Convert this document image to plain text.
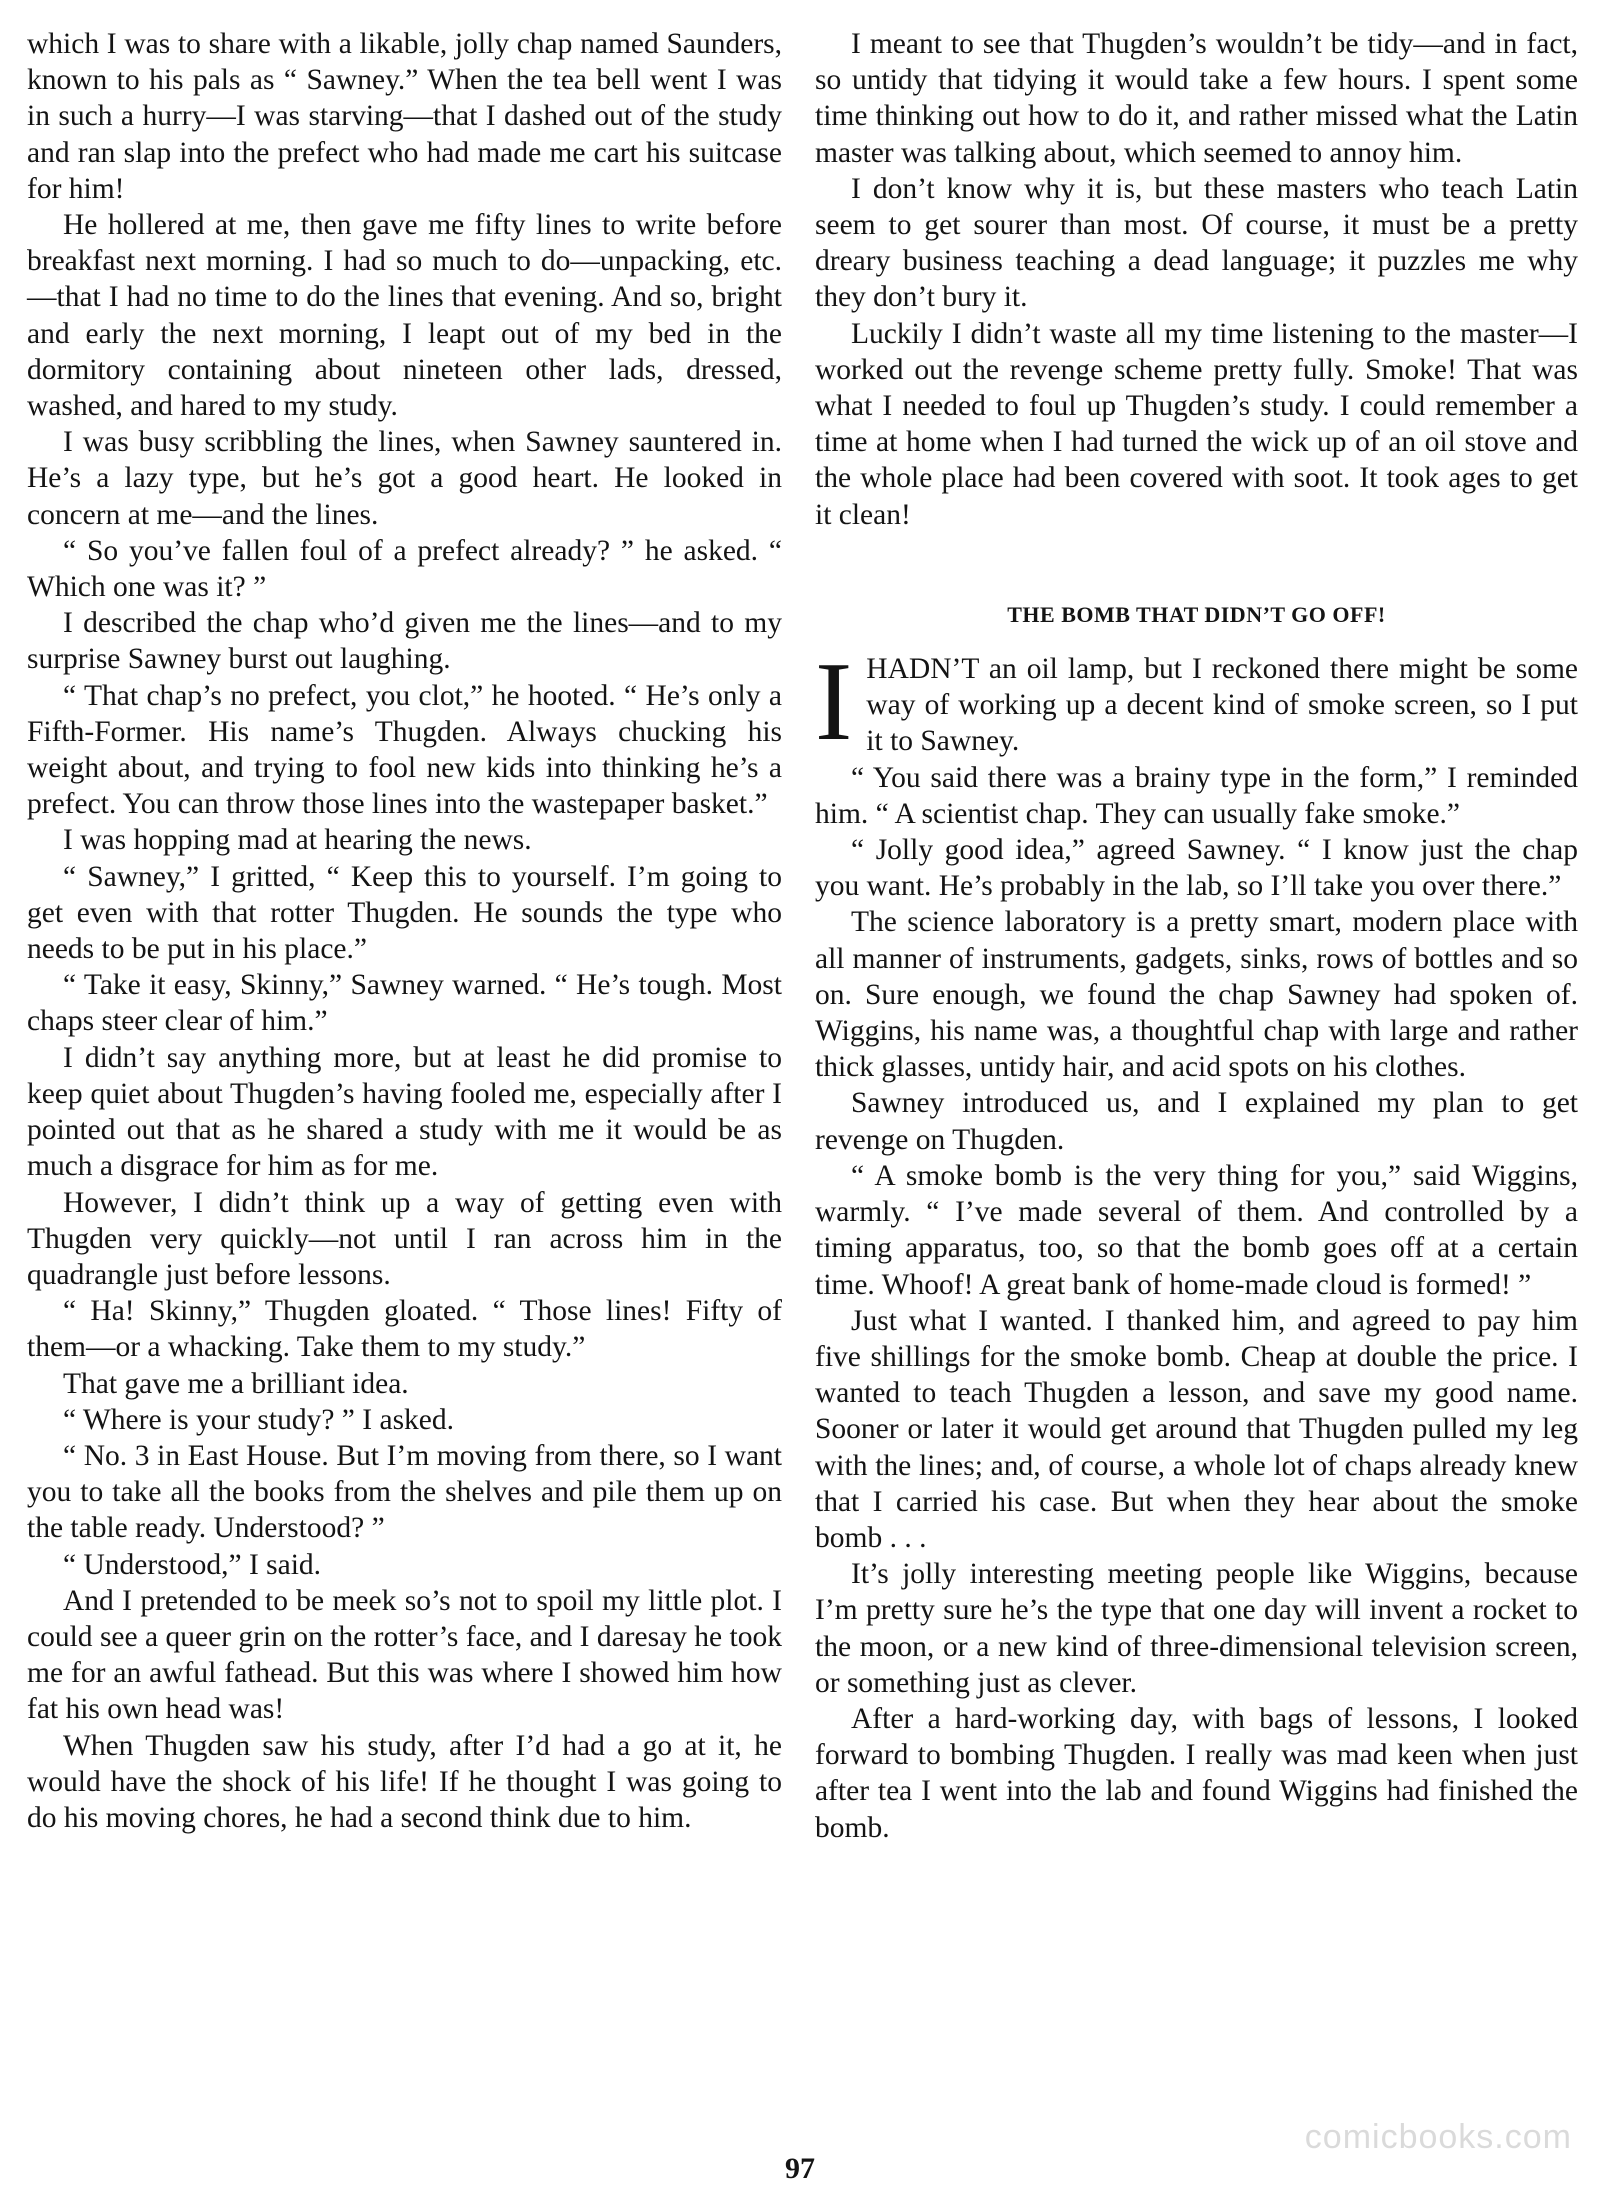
which I was to share with a likable, jolly chap named Saunders, known to his pals as “ Sawney.” When the tea bell went I was in such a hurry—I was starving—that I dashed out of the study and ran slap into the prefect who had made me cart his suitcase for him!

He hollered at me, then gave me fifty lines to write before breakfast next morning. I had so much to do—unpacking, etc.—that I had no time to do the lines that evening. And so, bright and early the next morning, I leapt out of my bed in the dormitory containing about nineteen other lads, dressed, washed, and hared to my study.

I was busy scribbling the lines, when Sawney sauntered in. He’s a lazy type, but he’s got a good heart. He looked in concern at me—and the lines.

“ So you’ve fallen foul of a prefect already? ” he asked. “ Which one was it? ”

I described the chap who’d given me the lines—and to my surprise Sawney burst out laughing.

“ That chap’s no prefect, you clot,” he hooted. “ He’s only a Fifth-Former. His name’s Thugden. Always chucking his weight about, and trying to fool new kids into thinking he’s a prefect. You can throw those lines into the wastepaper basket.”

I was hopping mad at hearing the news.

“ Sawney,” I gritted, “ Keep this to yourself. I’m going to get even with that rotter Thugden. He sounds the type who needs to be put in his place.”

“ Take it easy, Skinny,” Sawney warned. “ He’s tough. Most chaps steer clear of him.”

I didn’t say anything more, but at least he did promise to keep quiet about Thugden’s having fooled me, especially after I pointed out that as he shared a study with me it would be as much a disgrace for him as for me.

However, I didn’t think up a way of getting even with Thugden very quickly—not until I ran across him in the quadrangle just before lessons.

“ Ha! Skinny,” Thugden gloated. “ Those lines! Fifty of them—or a whacking. Take them to my study.”

That gave me a brilliant idea.

“ Where is your study? ” I asked.

“ No. 3 in East House. But I’m moving from there, so I want you to take all the books from the shelves and pile them up on the table ready. Understood? ”

“ Understood,” I said.

And I pretended to be meek so’s not to spoil my little plot. I could see a queer grin on the rotter’s face, and I daresay he took me for an awful fathead. But this was where I showed him how fat his own head was!

When Thugden saw his study, after I’d had a go at it, he would have the shock of his life! If he thought I was going to do his moving chores, he had a second think due to him.

I meant to see that Thugden’s wouldn’t be tidy—and in fact, so untidy that tidying it would take a few hours. I spent some time thinking out how to do it, and rather missed what the Latin master was talking about, which seemed to annoy him.

I don’t know why it is, but these masters who teach Latin seem to get sourer than most. Of course, it must be a pretty dreary business teaching a dead language; it puzzles me why they don’t bury it.

Luckily I didn’t waste all my time listening to the master—I worked out the revenge scheme pretty fully. Smoke! That was what I needed to foul up Thugden’s study. I could remember a time at home when I had turned the wick up of an oil stove and the whole place had been covered with soot. It took ages to get it clean!

THE BOMB THAT DIDN’T GO OFF!

I HADN’T an oil lamp, but I reckoned there might be some way of working up a decent kind of smoke screen, so I put it to Sawney.

“ You said there was a brainy type in the form,” I reminded him. “ A scientist chap. They can usually fake smoke.”

“ Jolly good idea,” agreed Sawney. “ I know just the chap you want. He’s probably in the lab, so I’ll take you over there.”

The science laboratory is a pretty smart, modern place with all manner of instruments, gadgets, sinks, rows of bottles and so on. Sure enough, we found the chap Sawney had spoken of. Wiggins, his name was, a thoughtful chap with large and rather thick glasses, untidy hair, and acid spots on his clothes.

Sawney introduced us, and I explained my plan to get revenge on Thugden.

“ A smoke bomb is the very thing for you,” said Wiggins, warmly. “ I’ve made several of them. And controlled by a timing apparatus, too, so that the bomb goes off at a certain time. Whoof! A great bank of home-made cloud is formed! ”

Just what I wanted. I thanked him, and agreed to pay him five shillings for the smoke bomb. Cheap at double the price. I wanted to teach Thugden a lesson, and save my good name. Sooner or later it would get around that Thugden pulled my leg with the lines; and, of course, a whole lot of chaps already knew that I carried his case. But when they hear about the smoke bomb . . .

It’s jolly interesting meeting people like Wiggins, because I’m pretty sure he’s the type that one day will invent a rocket to the moon, or a new kind of three-dimensional television screen, or something just as clever.

After a hard-working day, with bags of lessons, I looked forward to bombing Thugden. I really was mad keen when just after tea I went into the lab and found Wiggins had finished the bomb.

comicbooks.com
97
